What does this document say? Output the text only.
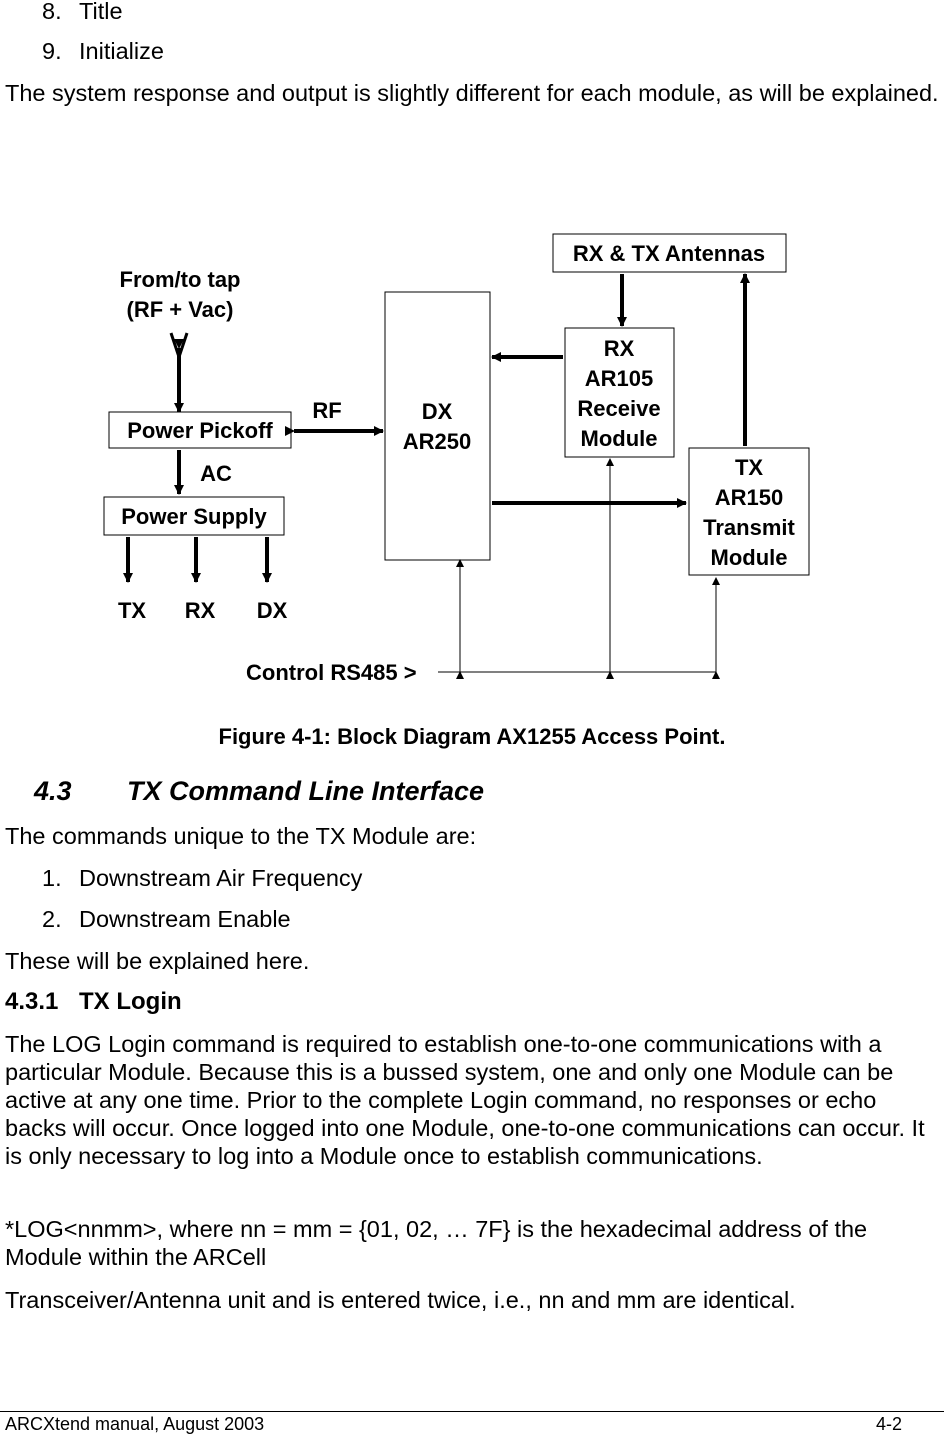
8. Title
9. Initialize
The system response and output is slightly different for each module, as will be explained.
From/to tap
(RF + Vac)
Power Pickoff
RF
AC
Power Supply
TX RX DX
DX
AR250
RX & TX Antennas
RX
AR105
Receive
Module
TX
AR150
Transmit
Module
Control RS485 >
Figure 4-1: Block Diagram AX1255 Access Point.
4.3 TX Command Line Interface
The commands unique to the TX Module are:
1. Downstream Air Frequency
2. Downstream Enable
These will be explained here.
4.3.1 TX Login
The LOG Login command is required to establish one-to-one communications with a particular Module. Because this is a bussed system, one and only one Module can be active at any one time. Prior to the complete Login command, no responses or echo backs will occur. Once logged into one Module, one-to-one communications can occur. It is only necessary to log into a Module once to establish communications.
*LOG<nnmm>, where nn = mm = {01, 02, … 7F} is the hexadecimal address of the Module within the ARCell
Transceiver/Antenna unit and is entered twice, i.e., nn and mm are identical.
ARCXtend manual, August 2003	4-2
